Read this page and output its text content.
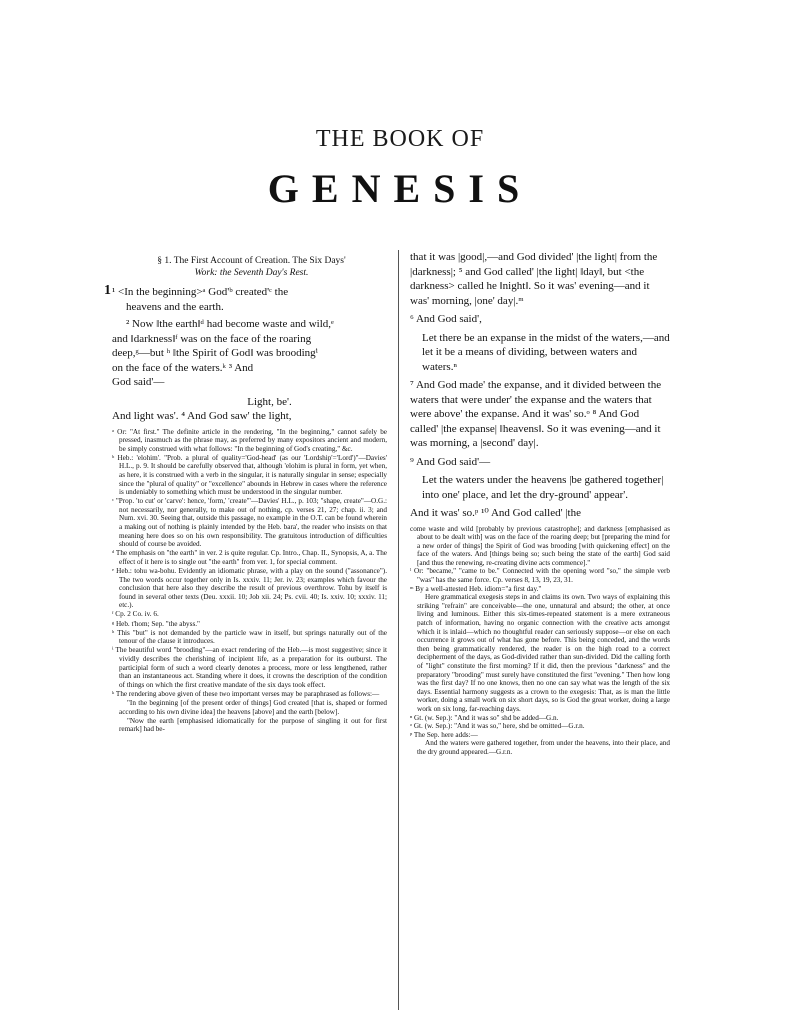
THE BOOK OF
GENESIS
§ 1. The First Account of Creation. The Six Days'
Work: the Seventh Day's Rest.
1 ¹ <In the beginning>ᵃ God'ᵇ created'ᶜ the
heavens and the earth.
² Now ‖the earth‖ᵈ had become waste and wild,ᵉ
and ‖darkness‖ᶠ was on the face of the roaring
deep,ᵍ—but ʰ ‖the Spirit of God‖ was broodingⁱ
on the face of the waters.ᵏ ³ And
God said'—
Light, be'.
And light was'. ⁴ And God saw' the light,

ᵃ Or: "At first." The definite article in the rendering, "In the beginning," cannot safely be pressed, inasmuch as the phrase may, as preferred by many expositors ancient and modern, be simply construed with what follows: "In the beginning of God's creating," &c.

ᵇ Heb.: 'elohim'. "Prob. a plural of quality='God-head' (as our 'Lordship'='Lord')"—Davies' H.L., p. 9. It should be carefully observed that, although 'elohim is plural in form, yet when, as here, it is construed with a verb in the singular, it is naturally singular in sense; especially since the "plural of quality" or "excellence" abounds in Hebrew in cases where the reference is undeniably to something which must be understood in the singular number.

ᶜ "Prop. 'to cut' or 'carve': hence, 'form,' 'create'"—Davies' H.L., p. 103; "shape, create"—O.G.: not necessarily, nor generally, to make out of nothing, cp. verses 21, 27; chap. ii. 3; and Num. xvi. 30. Seeing that, outside this passage, no example in the O.T. can be found wherein a making out of nothing is plainly intended by the Heb. bara', the reader who insists on that meaning here does so on his own responsibility. The gratuitous introduction of difficulties should of course be avoided.

ᵈ The emphasis on "the earth" in ver. 2 is quite regular. Cp. Intro., Chap. II., Synopsis, A, a. The effect of it here is to single out "the earth" from ver. 1, for special comment.

ᵉ Heb.: tohu wa-bohu. Evidently an idiomatic phrase, with a play on the sound ("assonance"). The two words occur together only in Is. xxxiv. 11; Jer. iv. 23; examples which favour the conclusion that here also they describe the result of previous overthrow. Tohu by itself is found in several other texts (Deu. xxxii. 10; Job xii. 24; Ps. cvii. 40; Is. xxiv. 10; xxxiv. 11; etc.).

ᶠ Cp. 2 Co. iv. 6.

ᵍ Heb. t'hom; Sep. "the abyss."

ʰ This "but" is not demanded by the particle waw in itself, but springs naturally out of the tenour of the clause it introduces.

ⁱ The beautiful word "brooding"—an exact rendering of the Heb.—is most suggestive; since it vividly describes the cherishing of incipient life, as a preparation for its outburst. The participial form of such a word clearly denotes a process, more or less lengthened, rather than an instantaneous act. Standing where it does, it crowns the description of the condition of things on which the first creative mandate of the six days took effect.

ᵏ The rendering above given of these two important verses may be paraphrased as follows:—

"In the beginning [of the present order of things] God created [that is, shaped or formed according to his own divine idea] the heavens [above] and the earth [below].

"Now the earth [emphasised idiomatically for the purpose of singling it out for first remark] had be-

that it was |good|,—and God divided' |the light| from the |darkness|; ⁵ and God called' |the light| ‖day‖, but <the darkness> called he ‖night‖. So it was' evening—and it was' morning, |one' day|.ᵐ

⁶ And God said',

Let there be an expanse in the midst of the waters,—and let it be a means of dividing, between waters and waters.ⁿ

⁷ And God made' the expanse, and it divided between the waters that were under' the expanse and the waters that were above' the expanse. And it was' so.ᵒ ⁸ And God called' |the expanse| ‖heavens‖. So it was evening—and it was morning, a |second' day|.

⁹ And God said'—

Let the waters under the heavens |be gathered together| into one' place, and let the dry-ground' appear'.

And it was' so.ᵖ ¹⁰ And God called' |the

come waste and wild [probably by previous catastrophe]; and darkness [emphasised as about to be dealt with] was on the face of the roaring deep; but [preparing the mind for a new order of things] the Spirit of God was brooding [with quickening effect] on the face of the waters. And [things being so; such being the state of the earth] God said [and thus the renewing, re-creating divine acts commence]."

ˡ Or: "became," "came to be." Connected with the opening word "so," the simple verb "was" has the same force. Cp. verses 8, 13, 19, 23, 31.

ᵐ By a well-attested Heb. idiom="a first day."

Here grammatical exegesis steps in and claims its own. Two ways of explaining this striking "refrain" are conceivable—the one, unnatural and absurd; the other, at once living and luminous. Either this six-times-repeated statement is a mere extraneous patch of information, having no organic connection with the creative acts amongst which it is inlaid—which no thoughtful reader can seriously suppose—or else on each occurrence it grows out of what has gone before. This being conceded, and the words then being grammatically rendered, the reader is on the high road to a correct decipherment of the days, as God-divided rather than sun-divided. Did the calling forth of "light" constitute the first morning? If it did, then the previous "darkness" and the preparatory "brooding" must surely have constituted the first "evening." Then how long was the first day? If no one knows, then no one can say what was the length of the six days. Essential harmony suggests as a crown to the exegesis: That, as is man the little worker, doing a small work on six short days, so is God the great worker, doing a large work on six long, far-reaching days.

ⁿ Gt. (w. Sep.): "And it was so" shd be added—G.n.

ᵒ Gt. (w. Sep.): "And it was so," here, shd be omitted—G.r.n.

ᵖ The Sep. here adds:—

And the waters were gathered together, from under the heavens, into their place, and the dry ground appeared.—G.r.n.
